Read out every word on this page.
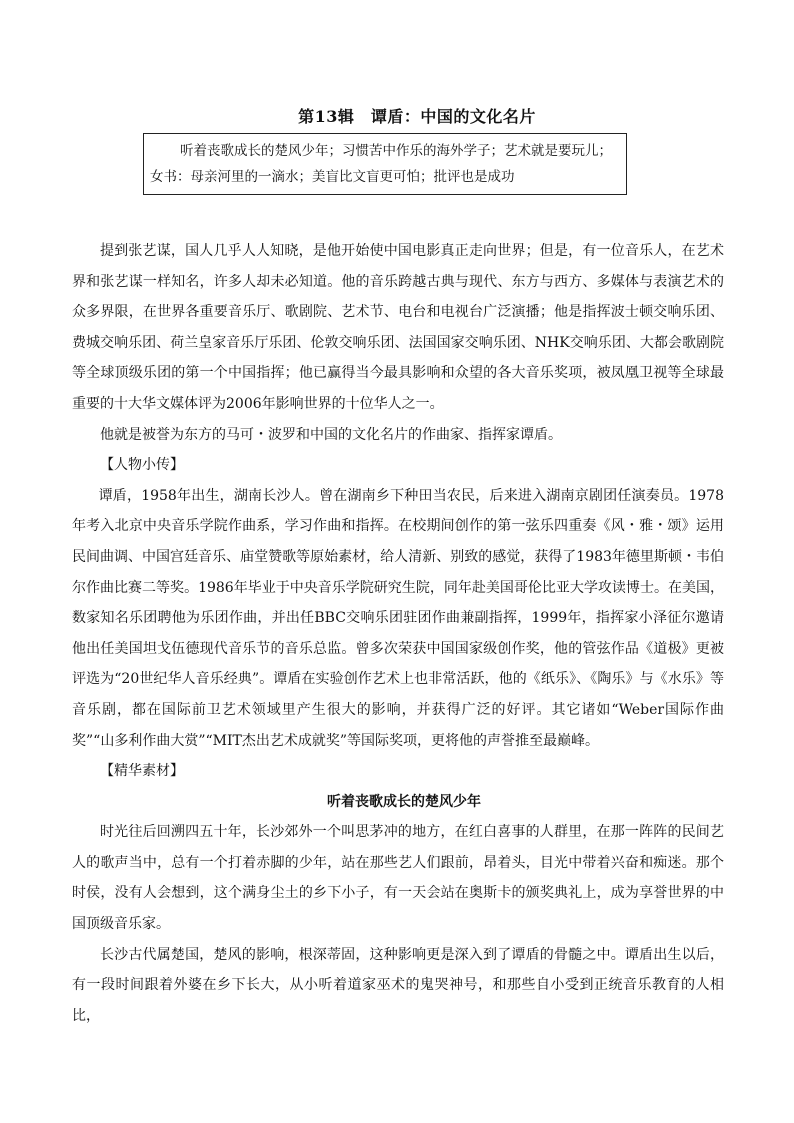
第13辑　谭盾：中国的文化名片
听着丧歌成长的楚风少年；习惯苦中作乐的海外学子；艺术就是要玩儿；
女书：母亲河里的一滴水；美盲比文盲更可怕；批评也是成功

提到张艺谋，国人几乎人人知晓，是他开始使中国电影真正走向世界；但是，有一位音乐人，在艺术界和张艺谋一样知名，许多人却未必知道。他的音乐跨越古典与现代、东方与西方、多媒体与表演艺术的众多界限，在世界各重要音乐厅、歌剧院、艺术节、电台和电视台广泛演播；他是指挥波士顿交响乐团、费城交响乐团、荷兰皇家音乐厅乐团、伦敦交响乐团、法国国家交响乐团、NHK交响乐团、大都会歌剧院等全球顶级乐团的第一个中国指挥；他已赢得当今最具影响和众望的各大音乐奖项，被凤凰卫视等全球最重要的十大华文媒体评为2006年影响世界的十位华人之一。

他就是被誉为东方的马可・波罗和中国的文化名片的作曲家、指挥家谭盾。

【人物小传】

谭盾，1958年出生，湖南长沙人。曾在湖南乡下种田当农民，后来进入湖南京剧团任演奏员。1978年考入北京中央音乐学院作曲系，学习作曲和指挥。在校期间创作的第一弦乐四重奏《风・雅・颂》运用民间曲调、中国宫廷音乐、庙堂赞歌等原始素材，给人清新、别致的感觉，获得了1983年德里斯顿・韦伯尔作曲比赛二等奖。1986年毕业于中央音乐学院研究生院，同年赴美国哥伦比亚大学攻读博士。在美国，数家知名乐团聘他为乐团作曲，并出任BBC交响乐团驻团作曲兼副指挥，1999年，指挥家小泽征尔邀请他出任美国坦戈伍德现代音乐节的音乐总监。曾多次荣获中国国家级创作奖，他的管弦作品《道极》更被评选为“20世纪华人音乐经典”。谭盾在实验创作艺术上也非常活跃，他的《纸乐》、《陶乐》与《水乐》等音乐剧，都在国际前卫艺术领域里产生很大的影响，并获得广泛的好评。其它诸如“Weber国际作曲奖”“山多利作曲大赏”“MIT杰出艺术成就奖”等国际奖项，更将他的声誉推至最巅峰。

【精华素材】
听着丧歌成长的楚风少年

时光往后回溯四五十年，长沙郊外一个叫思茅冲的地方，在红白喜事的人群里，在那一阵阵的民间艺人的歌声当中，总有一个打着赤脚的少年，站在那些艺人们跟前，昂着头，目光中带着兴奋和痴迷。那个时侯，没有人会想到，这个满身尘土的乡下小子，有一天会站在奥斯卡的颁奖典礼上，成为享誉世界的中国顶级音乐家。

长沙古代属楚国，楚风的影响，根深蒂固，这种影响更是深入到了谭盾的骨髓之中。谭盾出生以后，有一段时间跟着外婆在乡下长大，从小听着道家巫术的鬼哭神号，和那些自小受到正统音乐教育的人相比，
